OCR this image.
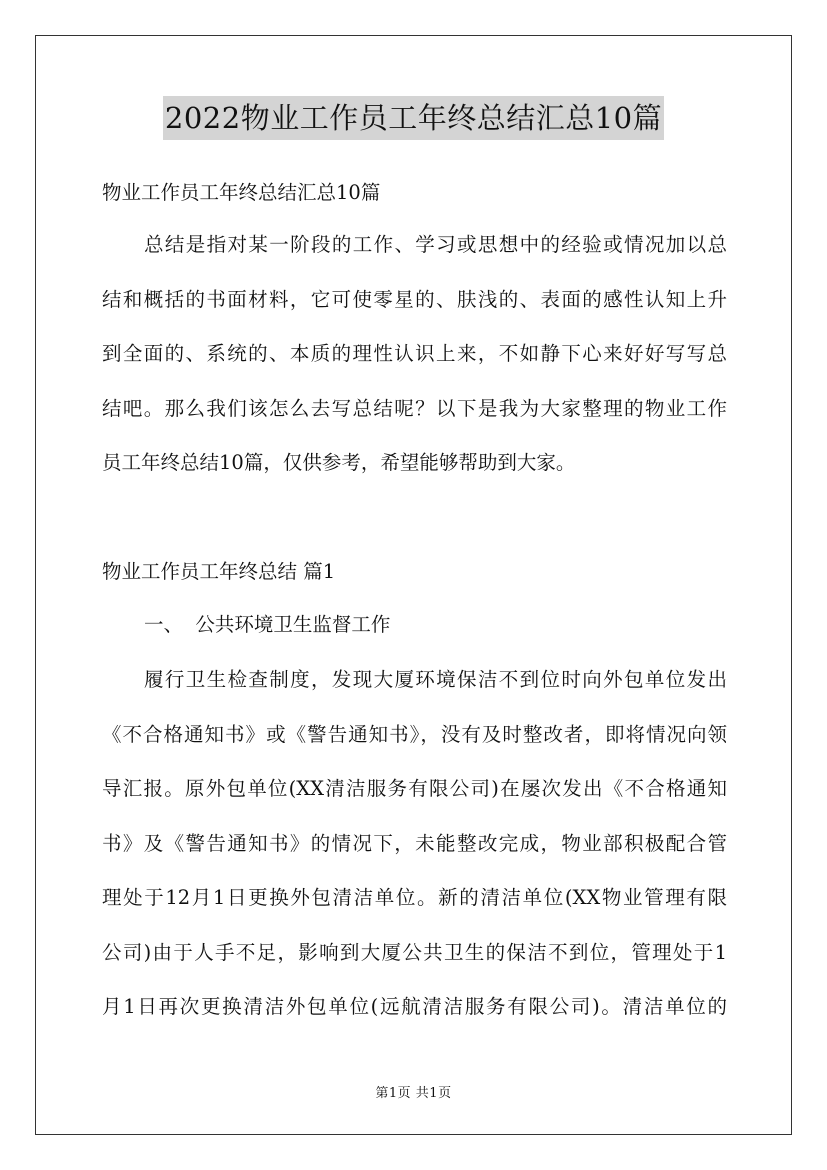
2022物业工作员工年终总结汇总10篇
物业工作员工年终总结汇总10篇
总结是指对某一阶段的工作、学习或思想中的经验或情况加以总
结和概括的书面材料，它可使零星的、肤浅的、表面的感性认知上升
到全面的、系统的、本质的理性认识上来，不如静下心来好好写写总
结吧。那么我们该怎么去写总结呢？以下是我为大家整理的物业工作
员工年终总结10篇，仅供参考，希望能够帮助到大家。
物业工作员工年终总结 篇1
一、  公共环境卫生监督工作
履行卫生检查制度，发现大厦环境保洁不到位时向外包单位发出
《不合格通知书》或《警告通知书》，没有及时整改者，即将情况向领
导汇报。原外包单位(XX清洁服务有限公司)在屡次发出《不合格通知
书》及《警告通知书》的情况下，未能整改完成，物业部积极配合管
理处于12月1日更换外包清洁单位。新的清洁单位(XX物业管理有限
公司)由于人手不足，影响到大厦公共卫生的保洁不到位，管理处于1
月1日再次更换清洁外包单位(远航清洁服务有限公司)。清洁单位的
第1页 共1页
